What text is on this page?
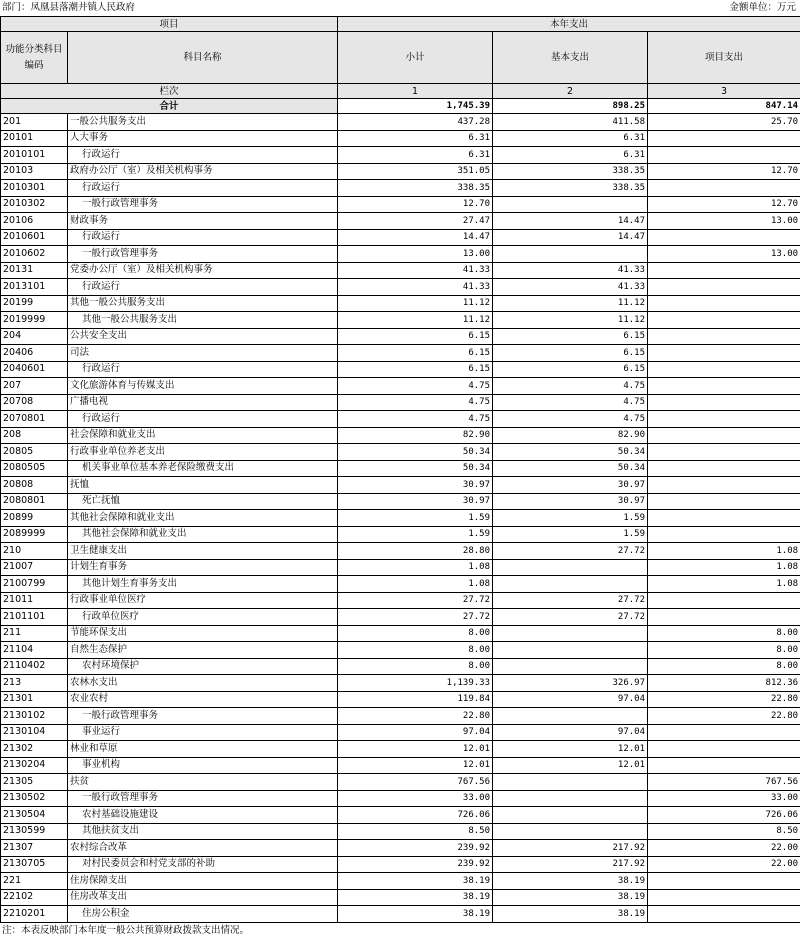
部门：凤凰县落潮井镇人民政府	金额单位：万元
项目		本年支出		
功能分类科目编码	科目名称	小计	基本支出	项目支出
栏次		1	2	3
合计		1,745.39	898.25	847.14
201	一般公共服务支出	437.28	411.58	25.70
20101	人大事务	6.31	6.31	
2010101	行政运行	6.31	6.31	
20103	政府办公厅（室）及相关机构事务	351.05	338.35	12.70
2010301	行政运行	338.35	338.35	
2010302	一般行政管理事务	12.70		12.70
20106	财政事务	27.47	14.47	13.00
2010601	行政运行	14.47	14.47	
2010602	一般行政管理事务	13.00		13.00
20131	党委办公厅（室）及相关机构事务	41.33	41.33	
2013101	行政运行	41.33	41.33	
20199	其他一般公共服务支出	11.12	11.12	
2019999	其他一般公共服务支出	11.12	11.12	
204	公共安全支出	6.15	6.15	
20406	司法	6.15	6.15	
2040601	行政运行	6.15	6.15	
207	文化旅游体育与传媒支出	4.75	4.75	
20708	广播电视	4.75	4.75	
2070801	行政运行	4.75	4.75	
208	社会保障和就业支出	82.90	82.90	
20805	行政事业单位养老支出	50.34	50.34	
2080505	机关事业单位基本养老保险缴费支出	50.34	50.34	
20808	抚恤	30.97	30.97	
2080801	死亡抚恤	30.97	30.97	
20899	其他社会保障和就业支出	1.59	1.59	
2089999	其他社会保障和就业支出	1.59	1.59	
210	卫生健康支出	28.80	27.72	1.08
21007	计划生育事务	1.08		1.08
2100799	其他计划生育事务支出	1.08		1.08
21011	行政事业单位医疗	27.72	27.72	
2101101	行政单位医疗	27.72	27.72	
211	节能环保支出	8.00		8.00
21104	自然生态保护	8.00		8.00
2110402	农村环境保护	8.00		8.00
213	农林水支出	1,139.33	326.97	812.36
21301	农业农村	119.84	97.04	22.80
2130102	一般行政管理事务	22.80		22.80
2130104	事业运行	97.04	97.04	
21302	林业和草原	12.01	12.01	
2130204	事业机构	12.01	12.01	
21305	扶贫	767.56		767.56
2130502	一般行政管理事务	33.00		33.00
2130504	农村基础设施建设	726.06		726.06
2130599	其他扶贫支出	8.50		8.50
21307	农村综合改革	239.92	217.92	22.00
2130705	对村民委员会和村党支部的补助	239.92	217.92	22.00
221	住房保障支出	38.19	38.19	
22102	住房改革支出	38.19	38.19	
2210201	住房公积金	38.19	38.19	
注：本表反映部门本年度一般公共预算财政拨款支出情况。
